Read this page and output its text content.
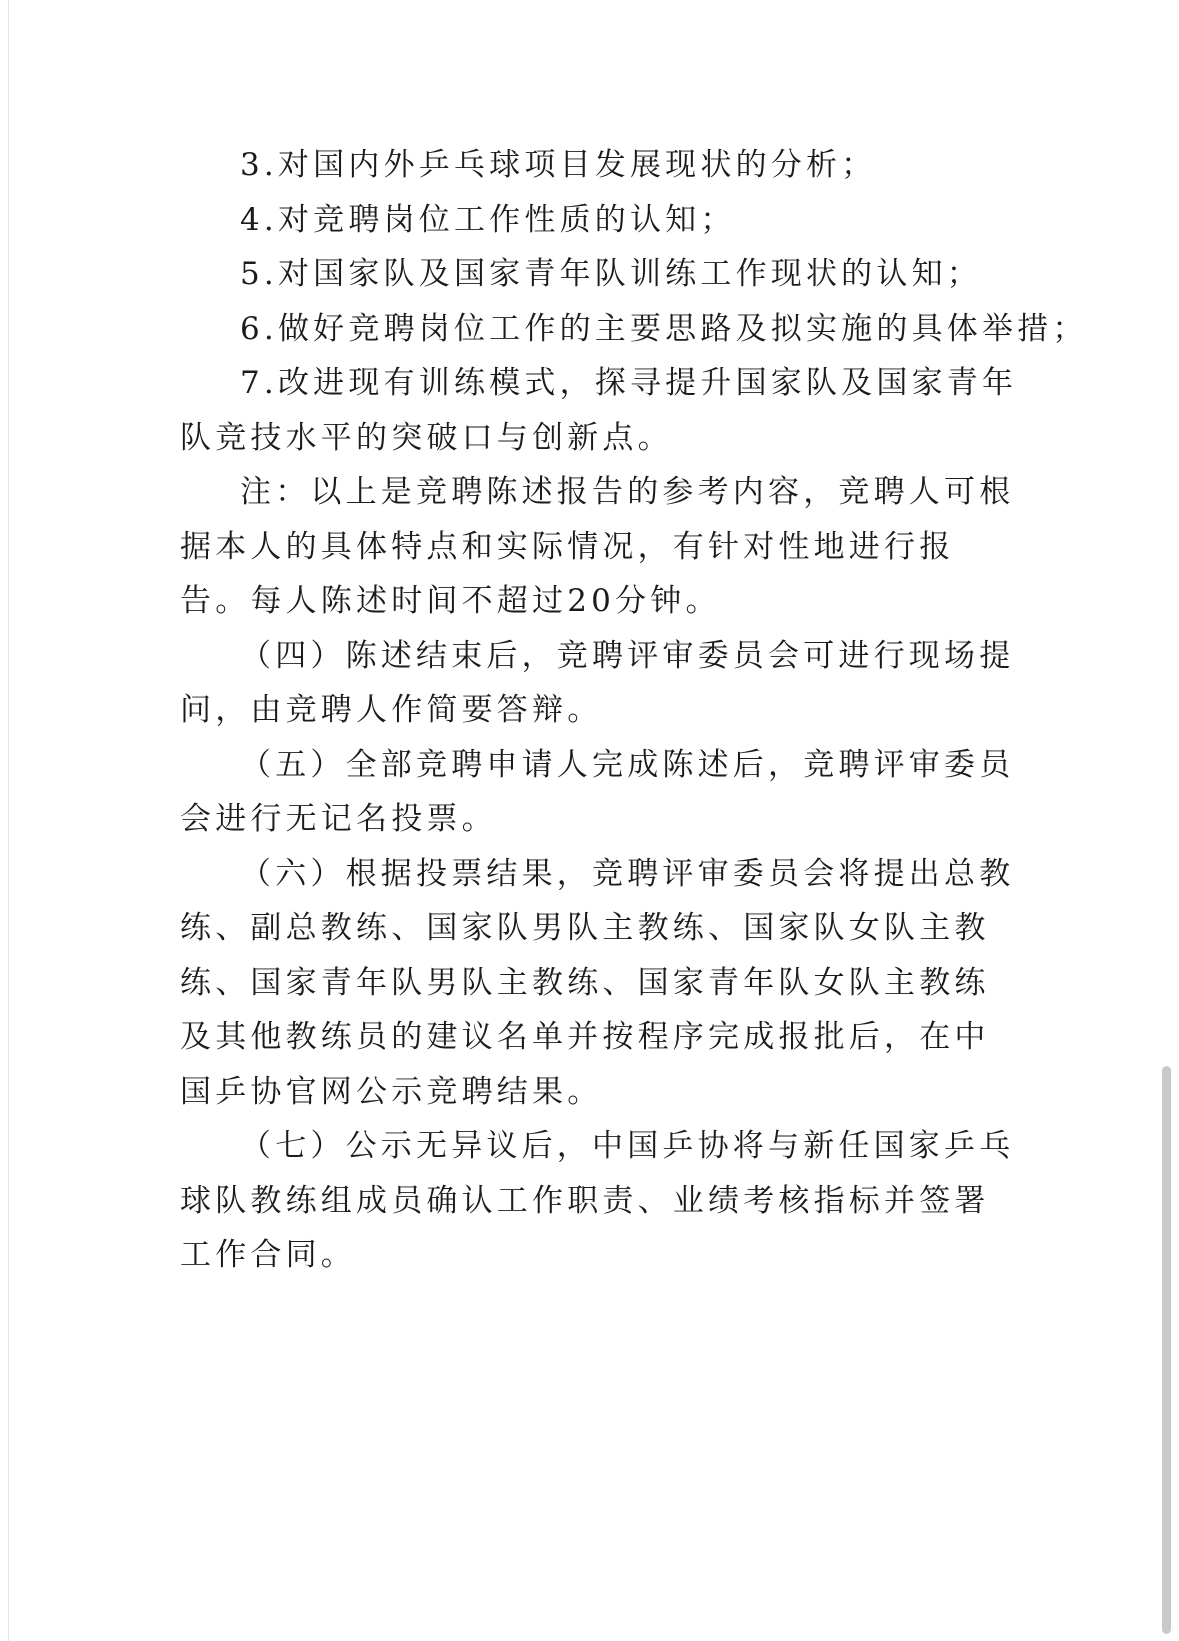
3.对国内外乒乓球项目发展现状的分析；

4.对竞聘岗位工作性质的认知；

5.对国家队及国家青年队训练工作现状的认知；

6.做好竞聘岗位工作的主要思路及拟实施的具体举措；

7.改进现有训练模式，探寻提升国家队及国家青年队竞技水平的突破口与创新点。

注：以上是竞聘陈述报告的参考内容，竞聘人可根据本人的具体特点和实际情况，有针对性地进行报告。每人陈述时间不超过20分钟。

（四）陈述结束后，竞聘评审委员会可进行现场提问，由竞聘人作简要答辩。

（五）全部竞聘申请人完成陈述后，竞聘评审委员会进行无记名投票。

（六）根据投票结果，竞聘评审委员会将提出总教练、副总教练、国家队男队主教练、国家队女队主教练、国家青年队男队主教练、国家青年队女队主教练及其他教练员的建议名单并按程序完成报批后，在中国乒协官网公示竞聘结果。

（七）公示无异议后，中国乒协将与新任国家乒乓球队教练组成员确认工作职责、业绩考核指标并签署工作合同。
